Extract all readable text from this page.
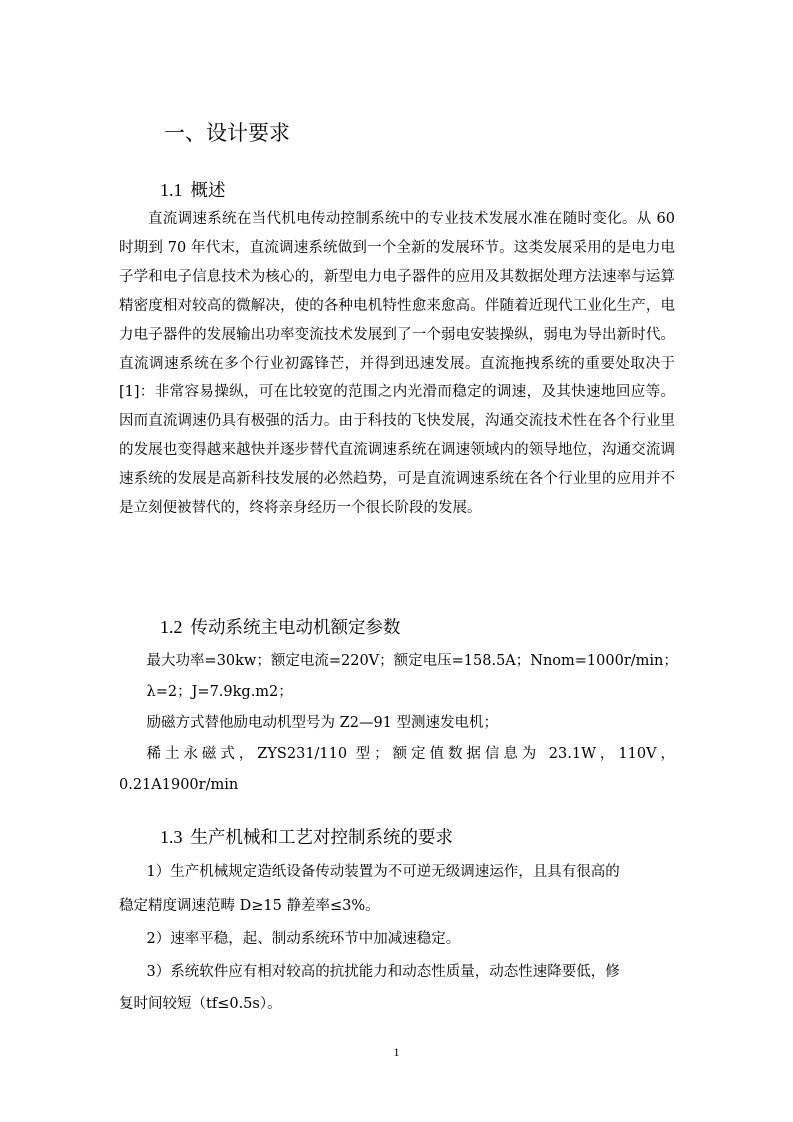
一、设计要求
1.1 概述

直流调速系统在当代机电传动控制系统中的专业技术发展水准在随时变化。从 60 时期到 70 年代末，直流调速系统做到一个全新的发展环节。这类发展采用的是电力电子学和电子信息技术为核心的，新型电力电子器件的应用及其数据处理方法速率与运算精密度相对较高的微解决，使的各种电机特性愈来愈高。伴随着近现代工业化生产，电力电子器件的发展输出功率变流技术发展到了一个弱电安装操纵，弱电为导出新时代。直流调速系统在多个行业初露锋芒，并得到迅速发展。直流拖拽系统的重要处取决于[1]：非常容易操纵，可在比较宽的范围之内光滑而稳定的调速，及其快速地回应等。因而直流调速仍具有极强的活力。由于科技的飞快发展，沟通交流技术性在各个行业里的发展也变得越来越快并逐步替代直流调速系统在调速领域内的领导地位，沟通交流调速系统的发展是高新科技发展的必然趋势，可是直流调速系统在各个行业里的应用并不是立刻便被替代的，终将亲身经历一个很长阶段的发展。

1.2 传动系统主电动机额定参数

最大功率=30kw；额定电流=220V；额定电压=158.5A；Nnom=1000r/min；

λ=2；J=7.9kg.m2；

励磁方式替他励电动机型号为 Z2—91 型测速发电机；

稀土永磁式，ZYS231/110 型；额定值数据信息为 23.1W，110V，

0.21A1900r/min

1.3 生产机械和工艺对控制系统的要求

1）生产机械规定造纸设备传动装置为不可逆无级调速运作，且具有很高的

稳定精度调速范畴 D≥15 静差率≤3%。

2）速率平稳，起、制动系统环节中加减速稳定。

3）系统软件应有相对较高的抗扰能力和动态性质量，动态性速降要低，修

复时间较短（tf≤0.5s）。

1
